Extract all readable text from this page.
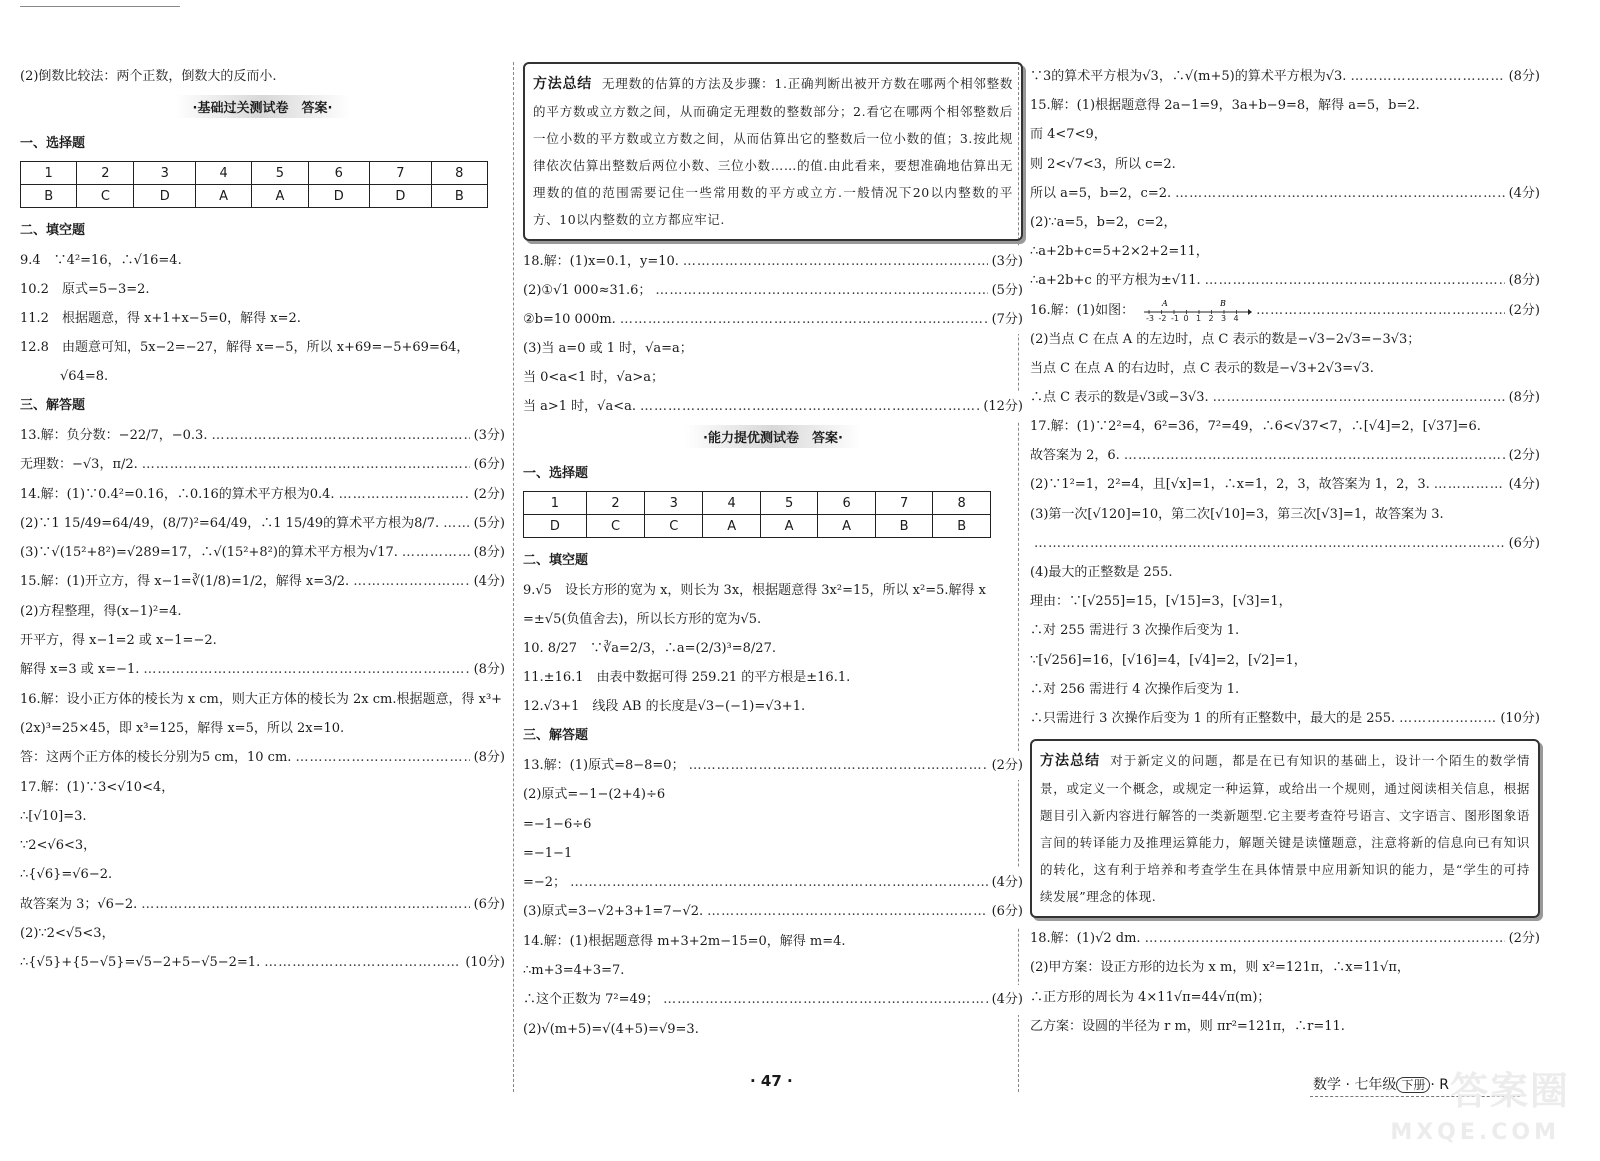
(2)倒数比较法：两个正数，倒数大的反而小.
·基础过关测试卷　答案·
一、选择题
1	2	3	4	5	6	7	8
B	C	D	A	A	D	D	B
二、填空题
9.4　∵4²=16，∴√16=4.
10.2　原式=5−3=2.
11.2　根据题意，得 x+1+x−5=0，解得 x=2.
12.8　由题意可知，5x−2=−27，解得 x=−5，所以 x+69=−5+69=64，
√64=8.
三、解答题
13.解：负分数：−22/7，−0.3. …………………………………………………………………………………………………………………………………………………………	(3分)
无理数：−√3，π/2. …………………………………………………………………………………………………………………………………………………………	(6分)
14.解：(1)∵0.4²=0.16，∴0.16的算术平方根为0.4. …………………………………………………………………………………………………………………………………………………………	(2分)
(2)∵1 15/49=64/49，(8/7)²=64/49，∴1 15/49的算术平方根为8/7. …………………………………………………………………………………………………………………………………………………………	(5分)
(3)∵√(15²+8²)=√289=17，∴√(15²+8²)的算术平方根为√17. …………………………………………………………………………………………………………………………………………………………	(8分)
15.解：(1)开立方，得 x−1=∛(1/8)=1/2，解得 x=3/2. …………………………………………………………………………………………………………………………………………………………	(4分)
(2)方程整理，得(x−1)²=4.
开平方，得 x−1=2 或 x−1=−2.
解得 x=3 或 x=−1. …………………………………………………………………………………………………………………………………………………………	(8分)
16.解：设小正方体的棱长为 x cm，则大正方体的棱长为 2x cm.根据题意，得 x³+
(2x)³=25×45，即 x³=125，解得 x=5，所以 2x=10.
答：这两个正方体的棱长分别为5 cm，10 cm. …………………………………………………………………………………………………………………………………………………………	(8分)
17.解：(1)∵3<√10<4，
∴[√10]=3.
∵2<√6<3，
∴{√6}=√6−2.
故答案为 3；√6−2. …………………………………………………………………………………………………………………………………………………………	(6分)
(2)∵2<√5<3，
∴{√5}+{5−√5}=√5−2+5−√5−2=1. …………………………………………………………………………………………………………………………………………………………	(10分)
方法总结 无理数的估算的方法及步骤：1.正确判断出被开方数在哪两个相邻整数的平方数或立方数之间，从而确定无理数的整数部分；2.看它在哪两个相邻整数后一位小数的平方数或立方数之间，从而估算出它的整数后一位小数的值；3.按此规律依次估算出整数后两位小数、三位小数……的值.由此看来，要想准确地估算出无理数的值的范围需要记住一些常用数的平方或立方.一般情况下20以内整数的平方、10以内整数的立方都应牢记.
18.解：(1)x=0.1，y=10. …………………………………………………………………………………………………………………………………………………………	(3分)
(2)①√1 000≈31.6； …………………………………………………………………………………………………………………………………………………………	(5分)
②b=10 000m. …………………………………………………………………………………………………………………………………………………………	(7分)
(3)当 a=0 或 1 时，√a=a；
当 0<a<1 时，√a>a；
当 a>1 时，√a<a. …………………………………………………………………………………………………………………………………………………………	(12分)
·能力提优测试卷　答案·
一、选择题
1	2	3	4	5	6	7	8
D	C	C	A	A	A	B	B
二、填空题
9.√5　设长方形的宽为 x，则长为 3x，根据题意得 3x²=15，所以 x²=5.解得 x
=±√5(负值舍去)，所以长方形的宽为√5.
10. 8/27　∵∛a=2/3，∴a=(2/3)³=8/27.
11.±16.1　由表中数据可得 259.21 的平方根是±16.1.
12.√3+1　线段 AB 的长度是√3−(−1)=√3+1.
三、解答题
13.解：(1)原式=8−8=0； …………………………………………………………………………………………………………………………………………………………	(2分)
(2)原式=−1−(2+4)÷6
=−1−6÷6
=−1−1
=−2； …………………………………………………………………………………………………………………………………………………………	(4分)
(3)原式=3−√2+3+1=7−√2. …………………………………………………………………………………………………………………………………………………………	(6分)
14.解：(1)根据题意得 m+3+2m−15=0，解得 m=4.
∴m+3=4+3=7.
∴这个正数为 7²=49； …………………………………………………………………………………………………………………………………………………………	(4分)
(2)√(m+5)=√(4+5)=√9=3.
∵3的算术平方根为√3，∴√(m+5)的算术平方根为√3. …………………………………………………………………………………………………………………………………………………………	(8分)
15.解：(1)根据题意得 2a−1=9，3a+b−9=8，解得 a=5，b=2.
而 4<7<9，
则 2<√7<3，所以 c=2.
所以 a=5，b=2，c=2. …………………………………………………………………………………………………………………………………………………………	(4分)
(2)∵a=5，b=2，c=2，
∴a+2b+c=5+2×2+2=11，
∴a+2b+c 的平方根为±√11. …………………………………………………………………………………………………………………………………………………………	(8分)
16.解：(1)如图：
-3 -2 -1 0 1 2 3 4
A	B
…………………………………………………………………………………………………………………………………………………………	(2分)
(2)当点 C 在点 A 的左边时，点 C 表示的数是−√3−2√3=−3√3；
当点 C 在点 A 的右边时，点 C 表示的数是−√3+2√3=√3.
∴点 C 表示的数是√3或−3√3. …………………………………………………………………………………………………………………………………………………………	(8分)
17.解：(1)∵2²=4，6²=36，7²=49，∴6<√37<7，∴[√4]=2，[√37]=6.
故答案为 2，6. …………………………………………………………………………………………………………………………………………………………	(2分)
(2)∵1²=1，2²=4，且[√x]=1，∴x=1，2，3，故答案为 1，2，3. …………………………………………………………………………………………………………………………………………………………	(4分)
(3)第一次[√120]=10，第二次[√10]=3，第三次[√3]=1，故答案为 3.
…………………………………………………………………………………………………………………………………………………………
(6分)
(4)最大的正整数是 255.
理由：∵[√255]=15，[√15]=3，[√3]=1，
∴对 255 需进行 3 次操作后变为 1.
∵[√256]=16，[√16]=4，[√4]=2，[√2]=1，
∴对 256 需进行 4 次操作后变为 1.
∴只需进行 3 次操作后变为 1 的所有正整数中，最大的是 255. …………………………………………………………………………………………………………………………………………………………	(10分)
方法总结 对于新定义的问题，都是在已有知识的基础上，设计一个陌生的数学情景，或定义一个概念，或规定一种运算，或给出一个规则，通过阅读相关信息，根据题目引入新内容进行解答的一类新题型.它主要考查符号语言、文字语言、图形图象语言间的转译能力及推理运算能力，解题关键是读懂题意，注意将新的信息向已有知识的转化，这有利于培养和考查学生在具体情景中应用新知识的能力，是“学生的可持续发展”理念的体现.
18.解：(1)√2 dm. …………………………………………………………………………………………………………………………………………………………	(2分)
(2)甲方案：设正方形的边长为 x m，则 x²=121π，∴x=11√π，
∴正方形的周长为 4×11√π=44√π(m)；
乙方案：设圆的半径为 r m，则 πr²=121π，∴r=11.
· 47 ·	数学 · 七年级 下册 · R 答案圈
MXQE.COM
